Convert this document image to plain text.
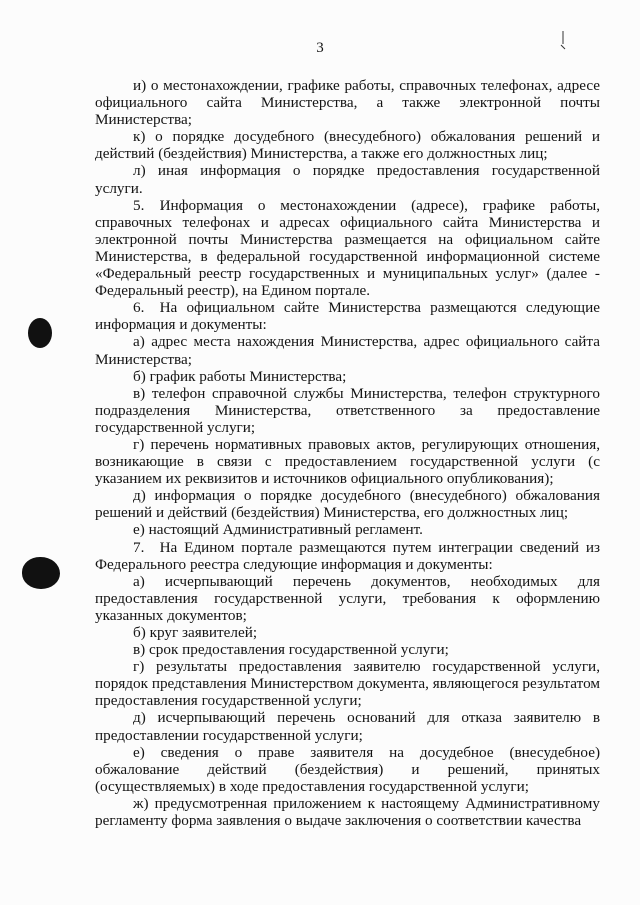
3

и) о местонахождении, графике работы, справочных телефонах, адресе официального сайта Министерства, а также электронной почты Министерства;

к) о порядке досудебного (внесудебного) обжалования решений и действий (бездействия) Министерства, а также его должностных лиц;

л) иная информация о порядке предоставления государственной услуги.

5. Информация о местонахождении (адресе), графике работы, справочных телефонах и адресах официального сайта Министерства и электронной почты Министерства размещается на официальном сайте Министерства, в федеральной государственной информационной системе «Федеральный реестр государственных и муниципальных услуг» (далее - Федеральный реестр), на Едином портале.

6. На официальном сайте Министерства размещаются следующие информация и документы:

а) адрес места нахождения Министерства, адрес официального сайта Министерства;

б) график работы Министерства;

в) телефон справочной службы Министерства, телефон структурного подразделения Министерства, ответственного за предоставление государственной услуги;

г) перечень нормативных правовых актов, регулирующих отношения, возникающие в связи с предоставлением государственной услуги (с указанием их реквизитов и источников официального опубликования);

д) информация о порядке досудебного (внесудебного) обжалования решений и действий (бездействия) Министерства, его должностных лиц;

е) настоящий Административный регламент.

7. На Едином портале размещаются путем интеграции сведений из Федерального реестра следующие информация и документы:

а) исчерпывающий перечень документов, необходимых для предоставления государственной услуги, требования к оформлению указанных документов;

б) круг заявителей;

в) срок предоставления государственной услуги;

г) результаты предоставления заявителю государственной услуги, порядок представления Министерством документа, являющегося результатом предоставления государственной услуги;

д) исчерпывающий перечень оснований для отказа заявителю в предоставлении государственной услуги;

е) сведения о праве заявителя на досудебное (внесудебное) обжалование действий (бездействия) и решений, принятых (осуществляемых) в ходе предоставления государственной услуги;

ж) предусмотренная приложением к настоящему Административному регламенту форма заявления о выдаче заключения о соответствии качества
